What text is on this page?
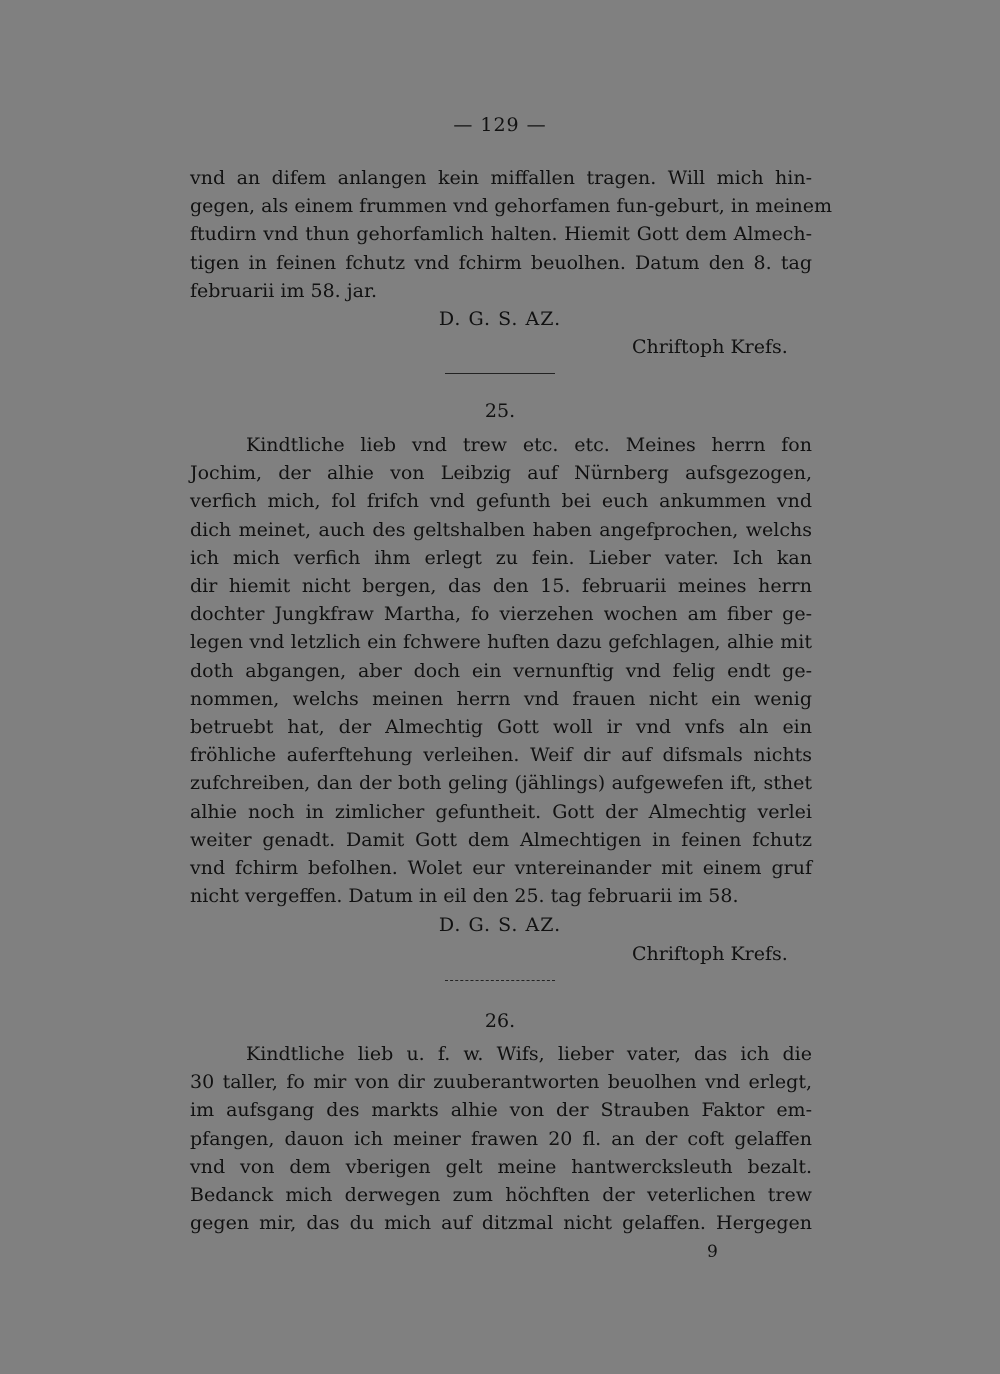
— 129 —
vnd an difem anlangen kein miffallen tragen. Will mich hin-
gegen, als einem frummen vnd gehorfamen fun-geburt, in meinem
ftudirn vnd thun gehorfamlich halten. Hiemit Gott dem Almech-
tigen in feinen fchutz vnd fchirm beuolhen. Datum den 8. tag
februarii im 58. jar.
D. G. S. AZ.
Chriftoph Krefs.
25.
Kindtliche lieb vnd trew etc. etc. Meines herrn fon
Jochim, der alhie von Leibzig auf Nürnberg aufsgezogen,
verfich mich, fol frifch vnd gefunth bei euch ankummen vnd
dich meinet, auch des geltshalben haben angefprochen, welchs
ich mich verfich ihm erlegt zu fein. Lieber vater. Ich kan
dir hiemit nicht bergen, das den 15. februarii meines herrn
dochter Jungkfraw Martha, fo vierzehen wochen am fiber ge-
legen vnd letzlich ein fchwere huften dazu gefchlagen, alhie mit
doth abgangen, aber doch ein vernunftig vnd felig endt ge-
nommen, welchs meinen herrn vnd frauen nicht ein wenig
betruebt hat, der Almechtig Gott woll ir vnd vnfs aln ein
fröhliche auferftehung verleihen. Weif dir auf difsmals nichts
zufchreiben, dan der both geling (jählings) aufgewefen ift, sthet
alhie noch in zimlicher gefuntheit. Gott der Almechtig verlei
weiter genadt. Damit Gott dem Almechtigen in feinen fchutz
vnd fchirm befolhen. Wolet eur vntereinander mit einem gruf
nicht vergeffen. Datum in eil den 25. tag februarii im 58.
D. G. S. AZ.
Chriftoph Krefs.
26.
Kindtliche lieb u. f. w. Wifs, lieber vater, das ich die
30 taller, fo mir von dir zuuberantworten beuolhen vnd erlegt,
im aufsgang des markts alhie von der Strauben Faktor em-
pfangen, dauon ich meiner frawen 20 fl. an der coft gelaffen
vnd von dem vberigen gelt meine hantwercksleuth bezalt.
Bedanck mich derwegen zum höchften der veterlichen trew
gegen mir, das du mich auf ditzmal nicht gelaffen. Hergegen
9
